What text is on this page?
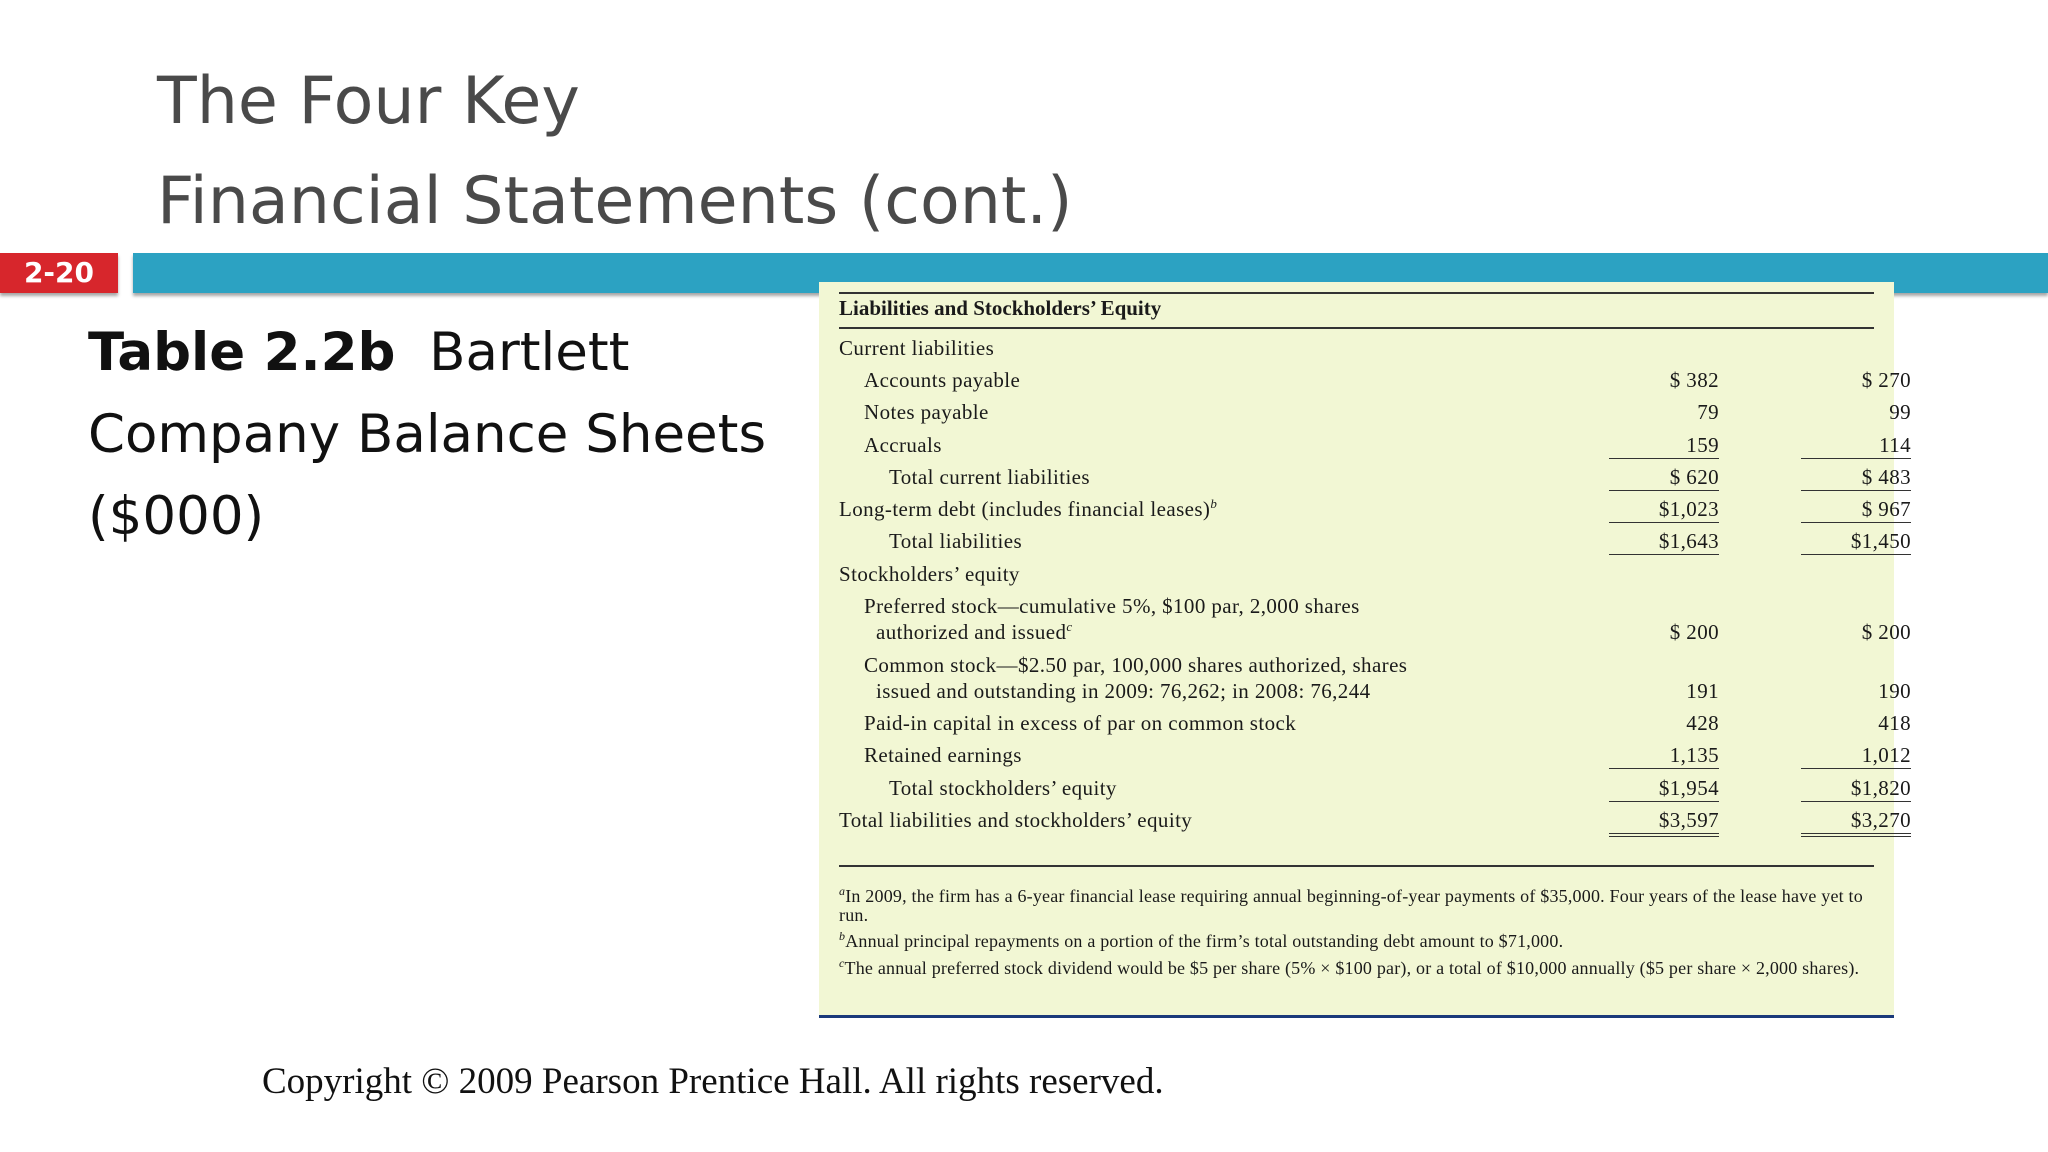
The Four Key
Financial Statements (cont.)
2-20

Table 2.2b Bartlett Company Balance Sheets ($000)

Liabilities and Stockholders’ Equity
Current liabilities
Accounts payable	$ 382	$ 270
Notes payable	79	99
Accruals	159	114
Total current liabilities	$ 620	$ 483
Long-term debt (includes financial leases)$^b$	$1,023	$ 967
Total liabilities	$1,643	$1,450
Stockholders’ equity
Preferred stock—cumulative 5%, $100 par, 2,000 shares
authorized and issued$^c$	$ 200	$ 200
Common stock—$2.50 par, 100,000 shares authorized, shares
issued and outstanding in 2009: 76,262; in 2008: 76,244	191	190
Paid-in capital in excess of par on common stock	428	418
Retained earnings	1,135	1,012
Total stockholders’ equity	$1,954	$1,820
Total liabilities and stockholders’ equity	$3,597	$3,270
$^a$In 2009, the firm has a 6-year financial lease requiring annual beginning-of-year payments of $35,000. Four years of the lease have yet to run.
$^b$Annual principal repayments on a portion of the firm’s total outstanding debt amount to $71,000.
$^c$The annual preferred stock dividend would be $5 per share (5% × $100 par), or a total of $10,000 annually ($5 per share × 2,000 shares).
Copyright © 2009 Pearson Prentice Hall. All rights reserved.
